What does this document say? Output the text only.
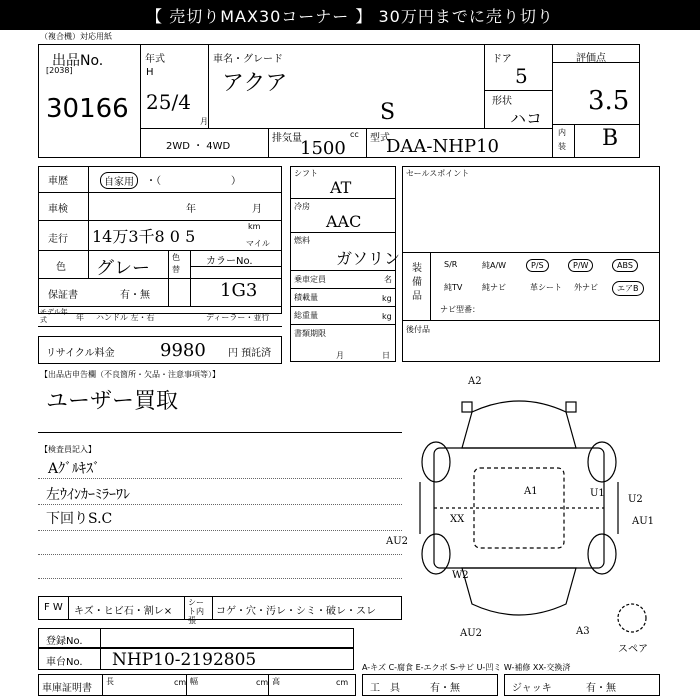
【 売切りMAX30コーナー 】 30万円までに売り切り
（複合機）対応用紙
出品No.
[2038]
30166
年式
H
25/4
月
車名・グレード
アクア
S
ドア
5
形状
ハコ
評価点
3.5
内装 B
2WD ・ 4WD
排気量	cc
1500 型式
DAA-NHP10
車歴	自家用	・（　　　　　　　）
車検	年	月
走行 14万3千8 0 5
km
マイル
色 グレー
色替
カラーNo.
1G3
保証書	有・無
モデル年式	年 ハンドル 左・右	ディーラー・並行
リサイクル料金	9980 円 預託済
シフト
AT
冷房
AAC
燃料
ガソリン
乗車定員	名
積載量	kg
総重量	kg
書類期限
月	日
セールスポイント
装備品
後付品
S/R	純A/W	P/S	P/W	ABS
純TV	純ナビ	革シート	外ナビ	エアB
ナビ型番：
【出品店申告欄（不良箇所・欠品・注意事項等）】
ユーザー買取
【検査員記入】
Aｸﾞﾙｷｽﾞ
左ｳｲﾝｶｰﾐﾗｰﾜﾚ
下回りS.C
A2
A1	U1
U2
XX	AU1
AU2
W2
AU2	A3
スペア
F W キズ・ヒビ石・割レ×
シート内張
コゲ・穴・汚レ・シミ・破レ・スレ
登録No.
車台No. NHP10-2192805	A-キズ C-腐食 E-エクボ S-サビ U-凹ミ W-補修 XX-交換済
車庫証明書
長	cm 幅	cm 高	cm
工　具	有・無	ジャッキ	有・無
